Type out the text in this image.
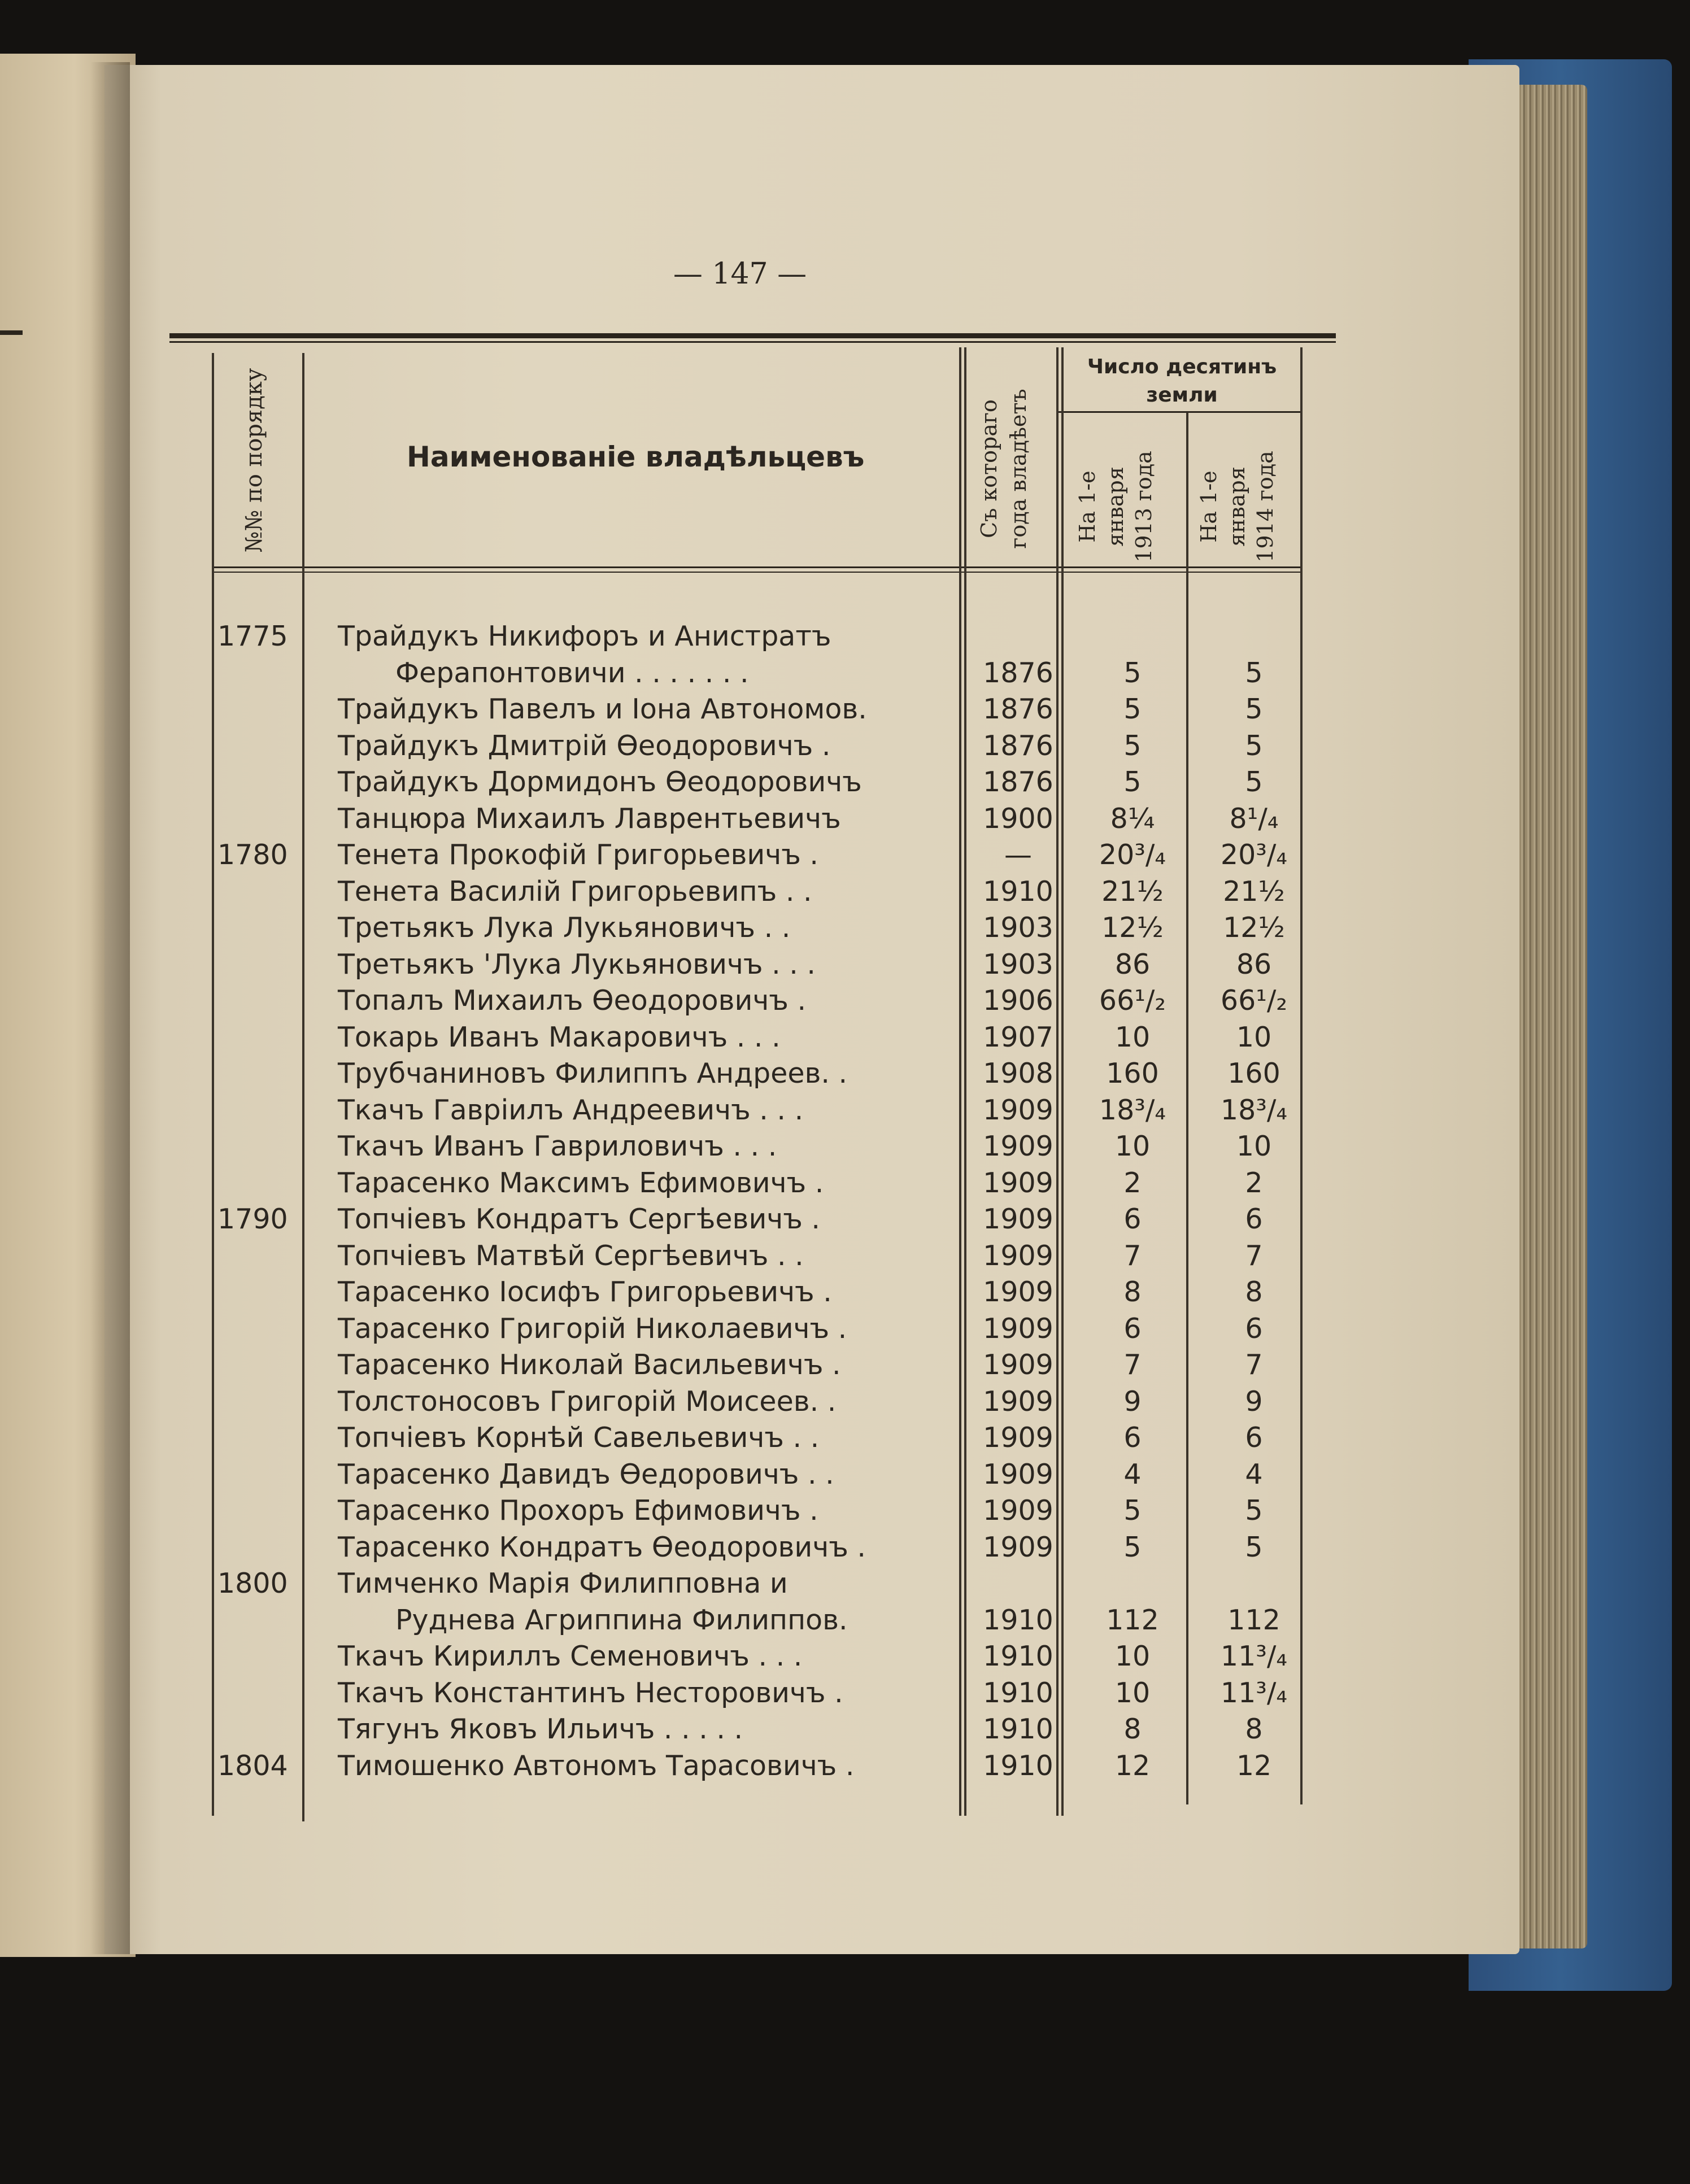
— 147 —
№№ по порядку	Наименованіе владѣльцевъ	Съ котораго года владѣетъ
Число десятинъ земли
На 1-е января 1913 года	На 1-е января 1914 года
1775	Трайдукъ Никифоръ и Анистратъ
Ферапонтовичи . . . . . . .	1876	5	5
Трайдукъ Павелъ и Іона Автономов.	1876	5	5
Трайдукъ Дмитрій Ѳеодоровичъ .	1876	5	5
Трайдукъ Дормидонъ Ѳеодоровичъ	1876	5	5
Танцюра Михаилъ Лаврентьевичъ	1900	8¼	8¹/₄
1780	Тенета Прокофій Григорьевичъ .	—	20³/₄	20³/₄
Тенета Василій Григорьевипъ . .	1910	21½	21½
Третьякъ Лука Лукьяновичъ . .	1903	12½	12½
Третьякъ 'Лука Лукьяновичъ . . .	1903	86	86
Топалъ Михаилъ Ѳеодоровичъ .	1906	66¹/₂	66¹/₂
Токарь Иванъ Макаровичъ . . .	1907	10	10
Трубчаниновъ Филиппъ Андреев. .	1908	160	160
Ткачъ Гавріилъ Андреевичъ . . .	1909	18³/₄	18³/₄
Ткачъ Иванъ Гавриловичъ . . .	1909	10	10
Тарасенко Максимъ Ефимовичъ .	1909	2	2
1790	Топчіевъ Кондратъ Сергѣевичъ .	1909	6	6
Топчіевъ Матвѣй Сергѣевичъ . .	1909	7	7
Тарасенко Іосифъ Григорьевичъ .	1909	8	8
Тарасенко Григорій Николаевичъ .	1909	6	6
Тарасенко Николай Васильевичъ .	1909	7	7
Толстоносовъ Григорій Моисеев. .	1909	9	9
Топчіевъ Корнѣй Савельевичъ . .	1909	6	6
Тарасенко Давидъ Ѳедоровичъ . .	1909	4	4
Тарасенко Прохоръ Ефимовичъ .	1909	5	5
Тарасенко Кондратъ Ѳеодоровичъ .	1909	5	5
1800	Тимченко Марія Филипповна и
Руднева Агриппина Филиппов.	1910	112	112
Ткачъ Кириллъ Семеновичъ . . .	1910	10	11³/₄
Ткачъ Константинъ Несторовичъ .	1910	10	11³/₄
Тягунъ Яковъ Ильичъ . . . . .	1910	8	8
1804	Тимошенко Автономъ Тарасовичъ .	1910	12	12
